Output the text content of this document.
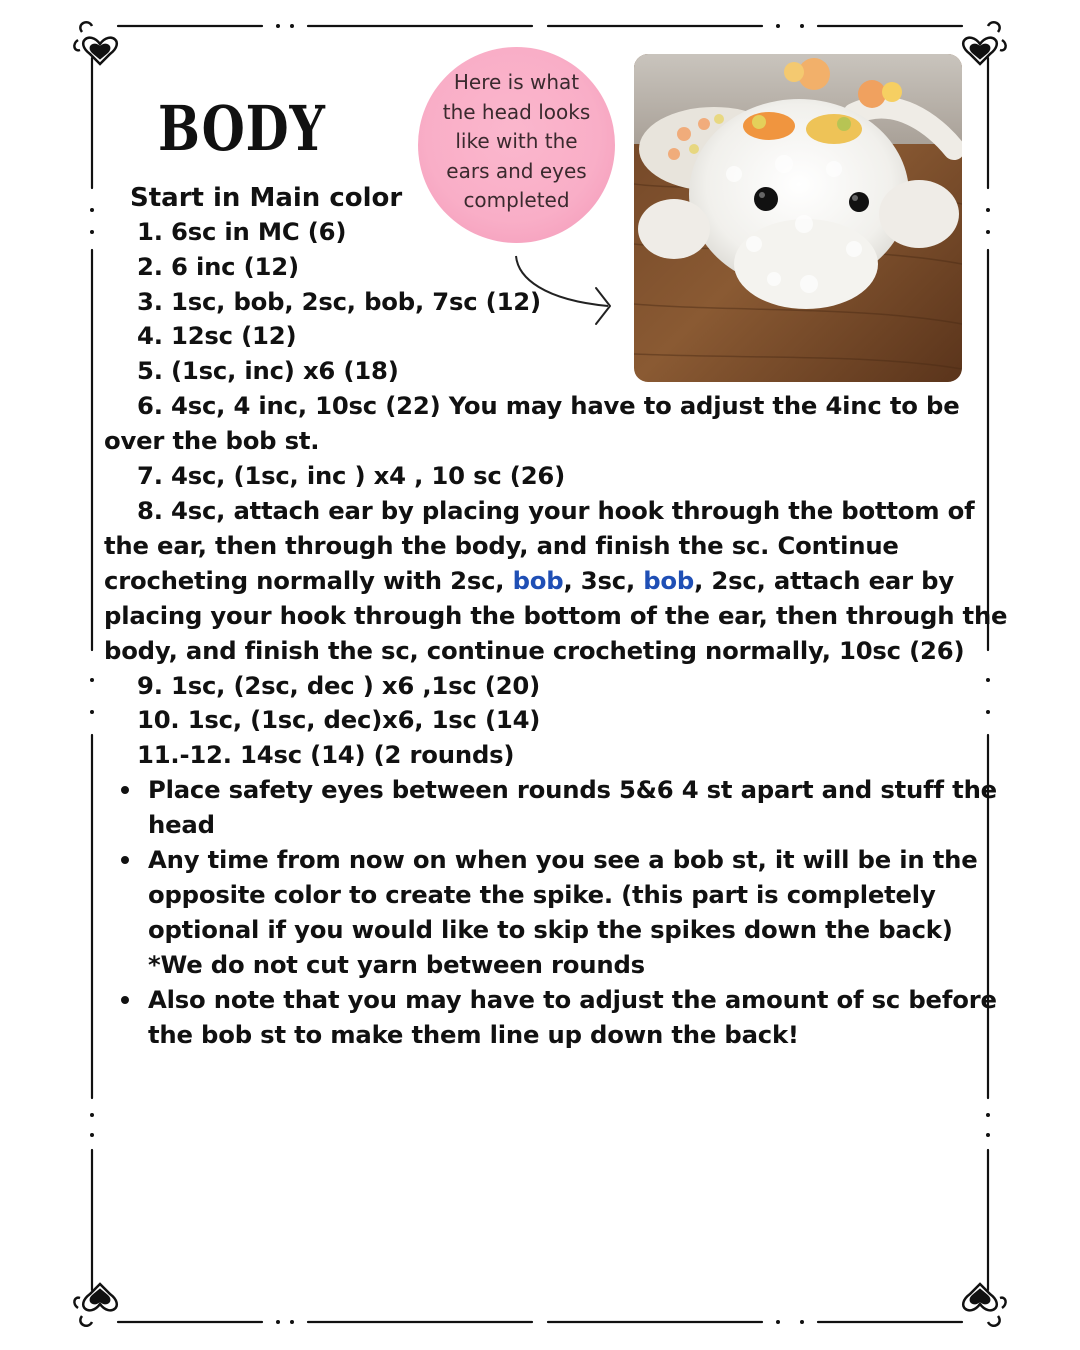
BODY
Start in Main color
Here is what
the head looks
like with the
ears and eyes
completed
1. 6sc in MC (6)
2. 6 inc (12)
3. 1sc, bob, 2sc, bob, 7sc (12)
4. 12sc (12)
5. (1sc, inc) x6 (18)
6. 4sc, 4 inc, 10sc (22) You may have to adjust the 4inc to be
over the bob st.
7. 4sc, (1sc, inc ) x4 , 10 sc (26)
8. 4sc, attach ear by placing your hook through the bottom of
the ear, then through the body, and finish the sc. Continue
crocheting normally with 2sc, bob, 3sc, bob, 2sc, attach ear by
placing your hook through the bottom of the ear, then through the
body, and finish the sc, continue crocheting normally, 10sc (26)
9. 1sc, (2sc, dec ) x6 ,1sc (20)
10. 1sc, (1sc, dec)x6, 1sc (14)
11.-12. 14sc (14) (2 rounds)
Place safety eyes between rounds 5&6 4 st apart and stuff the
head
Any time from now on when you see a bob st, it will be in the
opposite color to create the spike. (this part is completely
optional if you would like to skip the spikes down the back)
*We do not cut yarn between rounds
Also note that you may have to adjust the amount of sc before
the bob st to make them line up down the back!
